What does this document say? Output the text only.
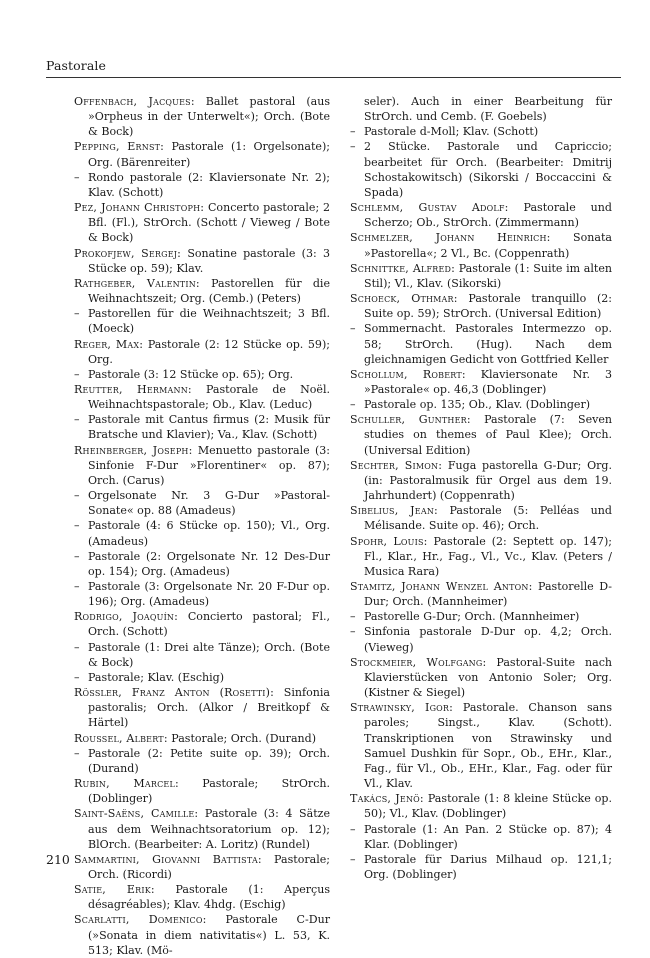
Pastorale

Offenbach, Jacques: Ballet pastoral (aus »Orpheus in der Unterwelt«); Orch. (Bote & Bock)

Pepping, Ernst: Pastorale (1: Orgelsonate); Org. (Bärenreiter)

– Rondo pastorale (2: Klaviersonate Nr. 2); Klav. (Schott)

Pez, Johann Christoph: Concerto pastorale; 2 Bfl. (Fl.), StrOrch. (Schott / Vieweg / Bote & Bock)

Prokofjew, Sergej: Sonatine pastorale (3: 3 Stücke op. 59); Klav.

Rathgeber, Valentin: Pastorellen für die Weihnachtszeit; Org. (Cemb.) (Peters)

– Pastorellen für die Weihnachtszeit; 3 Bfl. (Moeck)

Reger, Max: Pastorale (2: 12 Stücke op. 59); Org.

– Pastorale (3: 12 Stücke op. 65); Org.

Reutter, Hermann: Pastorale de Noël. Weihnachtspastorale; Ob., Klav. (Leduc)

– Pastorale mit Cantus firmus (2: Musik für Bratsche und Klavier); Va., Klav. (Schott)

Rheinberger, Joseph: Menuetto pastorale (3: Sinfonie F-Dur »Florentiner« op. 87); Orch. (Carus)

– Orgelsonate Nr. 3 G-Dur »Pastoral-Sonate« op. 88 (Amadeus)

– Pastorale (4: 6 Stücke op. 150); Vl., Org. (Amadeus)

– Pastorale (2: Orgelsonate Nr. 12 Des-Dur op. 154); Org. (Amadeus)

– Pastorale (3: Orgelsonate Nr. 20 F-Dur op. 196); Org. (Amadeus)

Rodrigo, Joaquín: Concierto pastoral; Fl., Orch. (Schott)

– Pastorale (1: Drei alte Tänze); Orch. (Bote & Bock)

– Pastorale; Klav. (Eschig)

Rössler, Franz Anton (Rosetti): Sinfonia pastoralis; Orch. (Alkor / Breitkopf & Härtel)

Roussel, Albert: Pastorale; Orch. (Durand)

– Pastorale (2: Petite suite op. 39); Orch. (Durand)

Rubin, Marcel: Pastorale; StrOrch. (Doblinger)

Saint-Saëns, Camille: Pastorale (3: 4 Sätze aus dem Weihnachtsoratorium op. 12); BlOrch. (Bearbeiter: A. Loritz) (Rundel)

Sammartini, Giovanni Battista: Pastorale; Orch. (Ricordi)

Satie, Erik: Pastorale (1: Aperçus désagréables); Klav. 4hdg. (Eschig)

Scarlatti, Domenico: Pastorale C-Dur (»Sonata in diem nativitatis«) L. 53, K. 513; Klav. (Mö-

seler). Auch in einer Bearbeitung für StrOrch. und Cemb. (F. Goebels)

– Pastorale d-Moll; Klav. (Schott)

– 2 Stücke. Pastorale und Capriccio; bearbeitet für Orch. (Bearbeiter: Dmitrij Schostakowitsch) (Sikorski / Boccaccini & Spada)

Schlemm, Gustav Adolf: Pastorale und Scherzo; Ob., StrOrch. (Zimmermann)

Schmelzer, Johann Heinrich: Sonata »Pastorella«; 2 Vl., Bc. (Coppenrath)

Schnittke, Alfred: Pastorale (1: Suite im alten Stil); Vl., Klav. (Sikorski)

Schoeck, Othmar: Pastorale tranquillo (2: Suite op. 59); StrOrch. (Universal Edition)

– Sommernacht. Pastorales Intermezzo op. 58; StrOrch. (Hug). Nach dem gleichnamigen Gedicht von Gottfried Keller

Schollum, Robert: Klaviersonate Nr. 3 »Pastorale« op. 46,3 (Doblinger)

– Pastorale op. 135; Ob., Klav. (Doblinger)

Schuller, Gunther: Pastorale (7: Seven studies on themes of Paul Klee); Orch. (Universal Edition)

Sechter, Simon: Fuga pastorella G-Dur; Org. (in: Pastoralmusik für Orgel aus dem 19. Jahrhundert) (Coppenrath)

Sibelius, Jean: Pastorale (5: Pelléas und Mélisande. Suite op. 46); Orch.

Spohr, Louis: Pastorale (2: Septett op. 147); Fl., Klar., Hr., Fag., Vl., Vc., Klav. (Peters / Musica Rara)

Stamitz, Johann Wenzel Anton: Pastorelle D-Dur; Orch. (Mannheimer)

– Pastorelle G-Dur; Orch. (Mannheimer)

– Sinfonia pastorale D-Dur op. 4,2; Orch. (Vieweg)

Stockmeier, Wolfgang: Pastoral-Suite nach Klavierstücken von Antonio Soler; Org. (Kistner & Siegel)

Strawinsky, Igor: Pastorale. Chanson sans paroles; Singst., Klav. (Schott). Transkriptionen von Strawinsky und Samuel Dushkin für Sopr., Ob., EHr., Klar., Fag., für Vl., Ob., EHr., Klar., Fag. oder für Vl., Klav.

Takács, Jenö: Pastorale (1: 8 kleine Stücke op. 50); Vl., Klav. (Doblinger)

– Pastorale (1: An Pan. 2 Stücke op. 87); 4 Klar. (Doblinger)

– Pastorale für Darius Milhaud op. 121,1; Org. (Doblinger)

210
